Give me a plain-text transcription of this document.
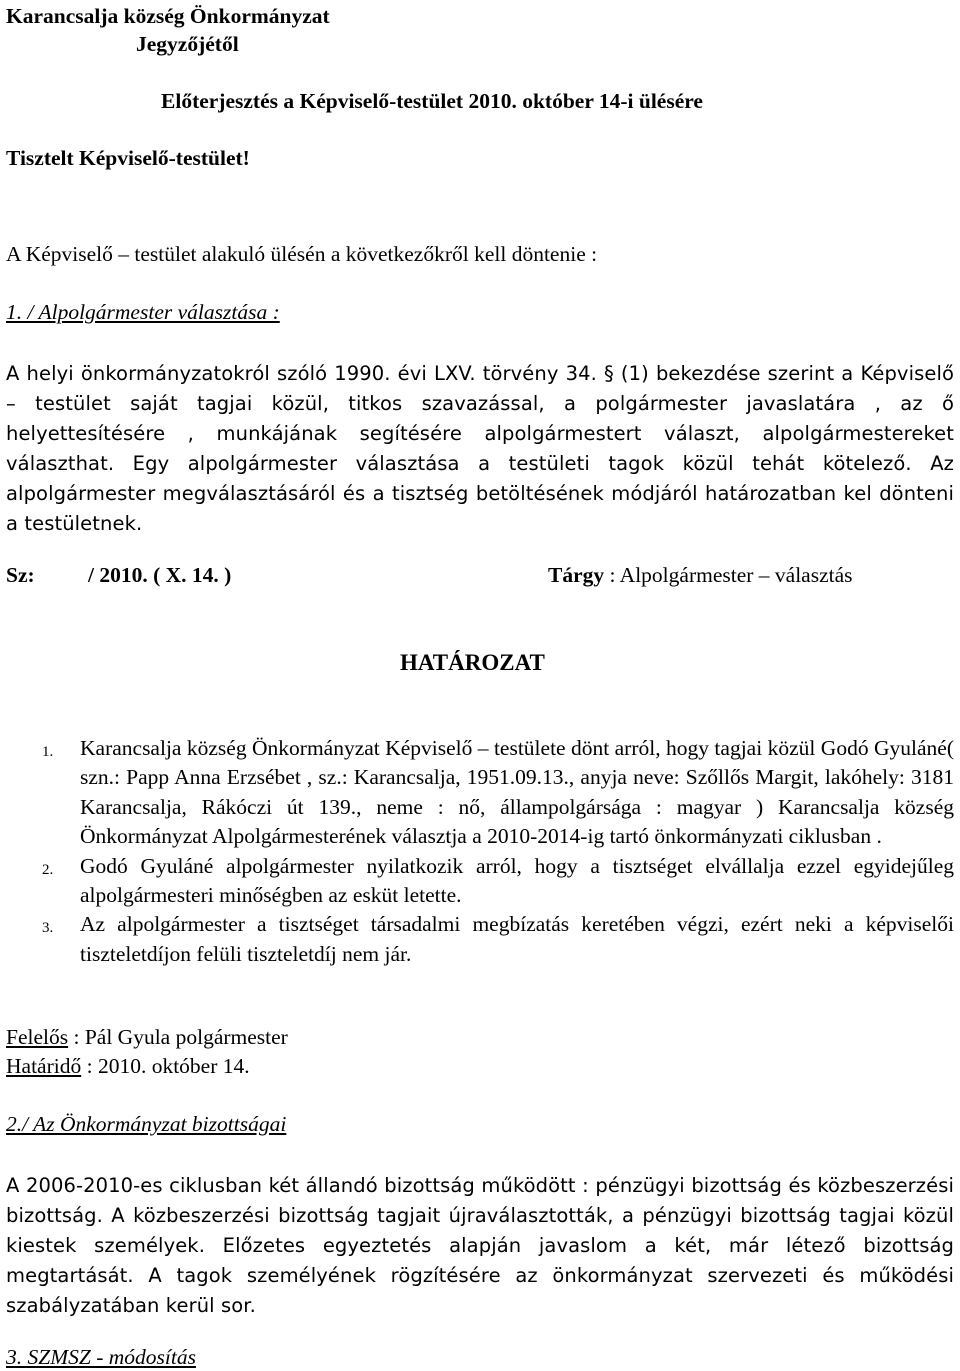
Karancsalja község Önkormányzat
Jegyzőjétől
Előterjesztés a Képviselő-testület 2010. október 14-i ülésére
Tisztelt Képviselő-testület!
A Képviselő – testület alakuló ülésén a következőkről kell döntenie :
1. / Alpolgármester választása :
A helyi önkormányzatokról szóló 1990. évi LXV. törvény 34. § (1) bekezdése szerint a Képviselő – testület saját tagjai közül, titkos szavazással, a polgármester javaslatára , az ő helyettesítésére , munkájának segítésére alpolgármestert választ, alpolgármestereket választhat. Egy alpolgármester választása a testületi tagok közül tehát kötelező. Az alpolgármester megválasztásáról és a tisztség betöltésének módjáról határozatban kel dönteni a testületnek.
Sz: / 2010. ( X. 14. )	Tárgy : Alpolgármester – választás
HATÁROZAT
1. Karancsalja község Önkormányzat Képviselő – testülete dönt arról, hogy tagjai közül Godó Gyuláné( szn.: Papp Anna Erzsébet , sz.: Karancsalja, 1951.09.13., anyja neve: Szőllős Margit, lakóhely: 3181 Karancsalja, Rákóczi út 139., neme : nő, állampolgársága : magyar ) Karancsalja község Önkormányzat Alpolgármesterének választja a 2010-2014-ig tartó önkormányzati ciklusban .
2. Godó Gyuláné alpolgármester nyilatkozik arról, hogy a tisztséget elvállalja ezzel egyidejűleg alpolgármesteri minőségben az esküt letette.
3. Az alpolgármester a tisztséget társadalmi megbízatás keretében végzi, ezért neki a képviselői tiszteletdíjon felüli tiszteletdíj nem jár.
Felelős : Pál Gyula polgármester
Határidő : 2010. október 14.
2./ Az Önkormányzat bizottságai
A 2006-2010-es ciklusban két állandó bizottság működött : pénzügyi bizottság és közbeszerzési bizottság. A közbeszerzési bizottság tagjait újraválasztották, a pénzügyi bizottság tagjai közül kiestek személyek. Előzetes egyeztetés alapján javaslom a két, már létező bizottság megtartását. A tagok személyének rögzítésére az önkormányzat szervezeti és működési szabályzatában kerül sor.
3. SZMSZ - módosítás
